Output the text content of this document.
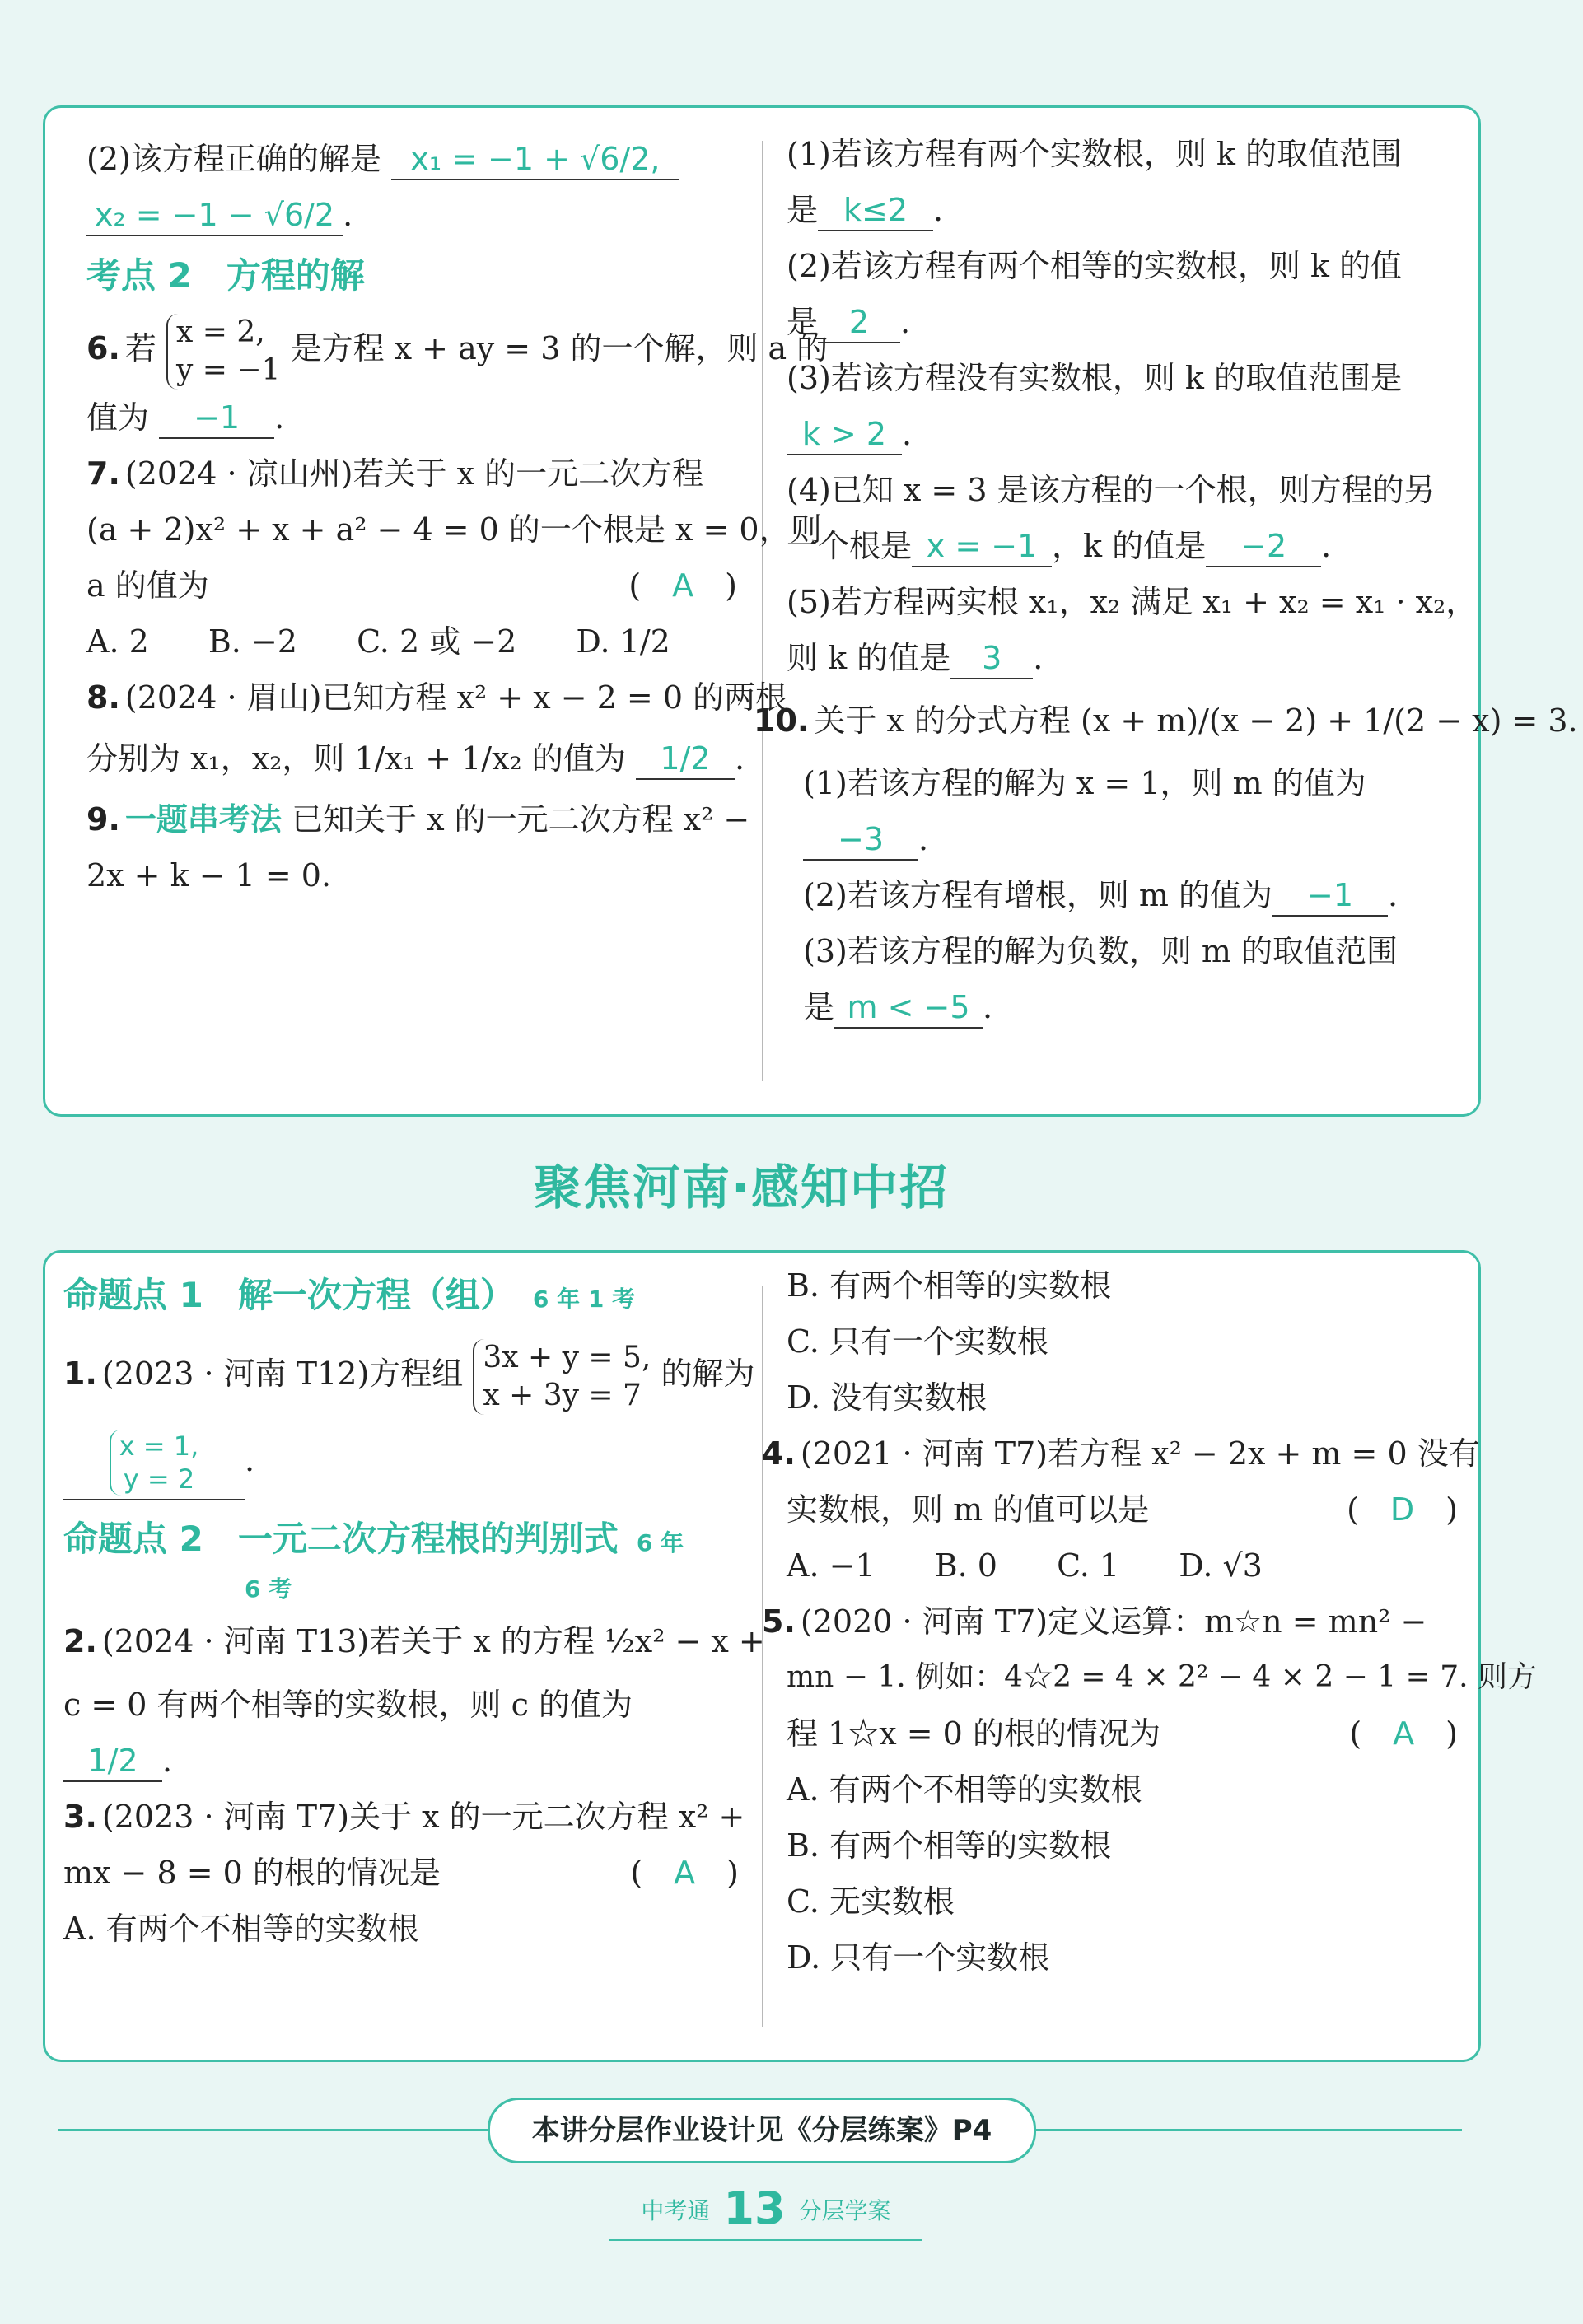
(2)该方程正确的解是 x₁ = −1 + √6/2,
x₂ = −1 − √6/2 .
考点 2　方程的解
6. 若 x = 2,
y = −1
是方程 x + ay = 3 的一个解，则 a 的
值为 −1 .
7. (2024 · 凉山州)若关于 x 的一元二次方程
(a + 2)x² + x + a² − 4 = 0 的一个根是 x = 0，则
a 的值为	(　A　)
A. 2 B. −2 C. 2 或 −2 D. 1/2
8. (2024 · 眉山)已知方程 x² + x − 2 = 0 的两根
分别为 x₁，x₂，则 1/x₁ + 1/x₂ 的值为 1/2 .
9. 一题串考法 已知关于 x 的一元二次方程 x² −
2x + k − 1 = 0.
(1)若该方程有两个实数根，则 k 的取值范围
是 k≤2 .
(2)若该方程有两个相等的实数根，则 k 的值
是 2 .
(3)若该方程没有实数根，则 k 的取值范围是
k > 2 .
(4)已知 x = 3 是该方程的一个根，则方程的另
一个根是 x = −1 ，k 的值是 −2 .
(5)若方程两实根 x₁，x₂ 满足 x₁ + x₂ = x₁ · x₂，
则 k 的值是 3 .
10. 关于 x 的分式方程 (x + m)/(x − 2) + 1/(2 − x) = 3.
(1)若该方程的解为 x = 1，则 m 的值为
−3 .
(2)若该方程有增根，则 m 的值为 −1 .
(3)若该方程的解为负数，则 m 的取值范围
是 m < −5 .
聚焦河南·感知中招
命题点 1　解一次方程（组） 6 年 1 考
1. (2023 · 河南 T12)方程组 3x + y = 5,
x + 3y = 7
的解为
x = 1,
y = 2
.
命题点 2　一元二次方程根的判别式 6 年
6 考
2. (2024 · 河南 T13)若关于 x 的方程 ½x² − x +
c = 0 有两个相等的实数根，则 c 的值为
1/2 .
3. (2023 · 河南 T7)关于 x 的一元二次方程 x² +
mx − 8 = 0 的根的情况是	(　A　)
A. 有两个不相等的实数根
B. 有两个相等的实数根
C. 只有一个实数根
D. 没有实数根
4. (2021 · 河南 T7)若方程 x² − 2x + m = 0 没有
实数根，则 m 的值可以是	(　D　)
A. −1 B. 0 C. 1 D. √3
5. (2020 · 河南 T7)定义运算：m☆n = mn² −
mn − 1. 例如：4☆2 = 4 × 2² − 4 × 2 − 1 = 7. 则方
程 1☆x = 0 的根的情况为	(　A　)
A. 有两个不相等的实数根
B. 有两个相等的实数根
C. 无实数根
D. 只有一个实数根
本讲分层作业设计见《分层练案》P4
中考通 13 分层学案
